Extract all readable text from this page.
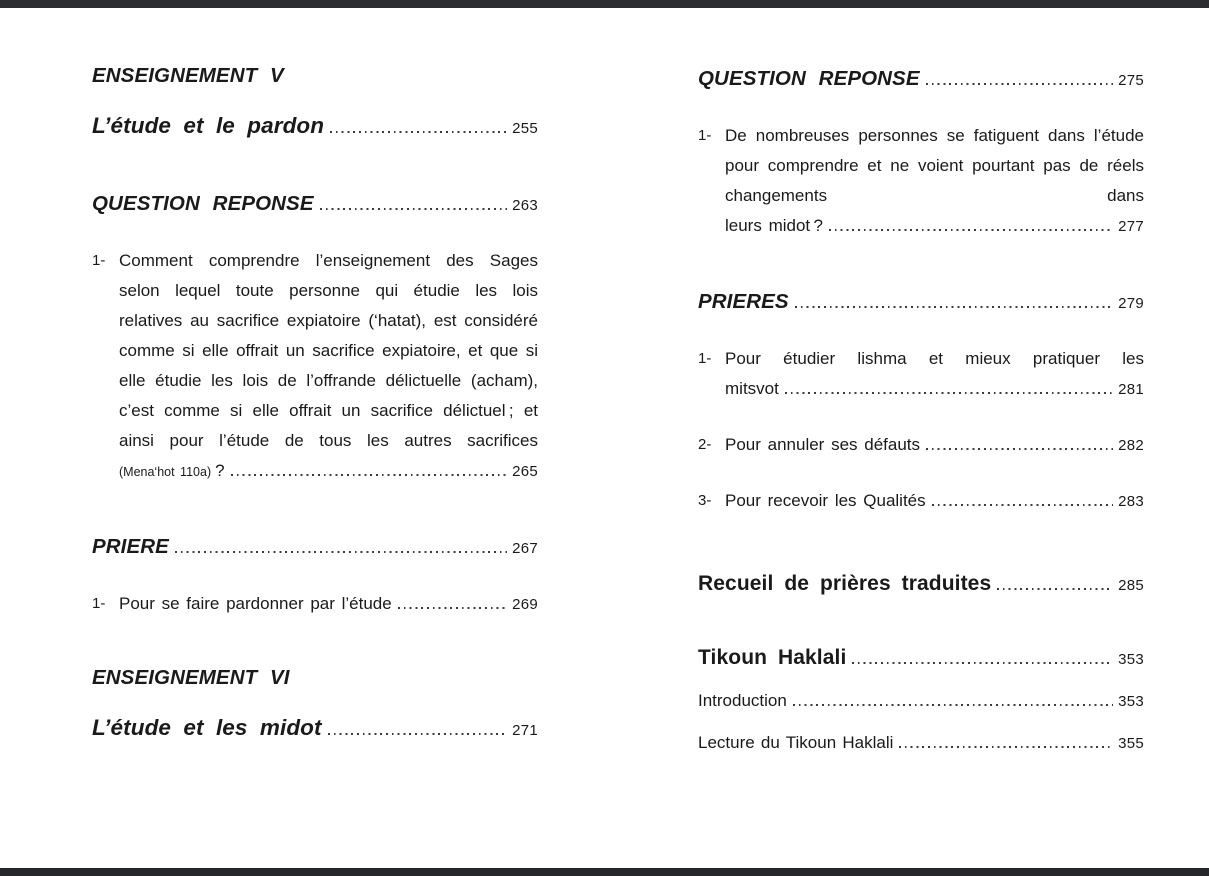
ENSEIGNEMENT V
L’étude et le pardon	255
QUESTION REPONSE	263
1- Comment comprendre l’enseignement des Sages selon lequel toute personne qui étudie les lois relatives au sacrifice expiatoire (‘hatat), est considéré comme si elle offrait un sacrifice expiatoire, et que si elle étudie les lois de l’offrande délictuelle (acham), c’est comme si elle offrait un sacrifice délictuel ; et ainsi pour l’étude de tous les autres sacrifices
(Mena‘hot 110a) ?	265
PRIERE	267
1- Pour se faire pardonner par l’étude	269
ENSEIGNEMENT VI
L’étude et les midot	271
QUESTION REPONSE	275
1- De nombreuses personnes se fatiguent dans l’étude pour comprendre et ne voient pourtant pas de réels changements dans
leurs midot ?	277
PRIERES	279
1- Pour étudier lishma et mieux pratiquer les
mitsvot	281
2- Pour annuler ses défauts	282
3- Pour recevoir les Qualités	283
Recueil de prières traduites	285
Tikoun Haklali	353
Introduction	353
Lecture du Tikoun Haklali	355
